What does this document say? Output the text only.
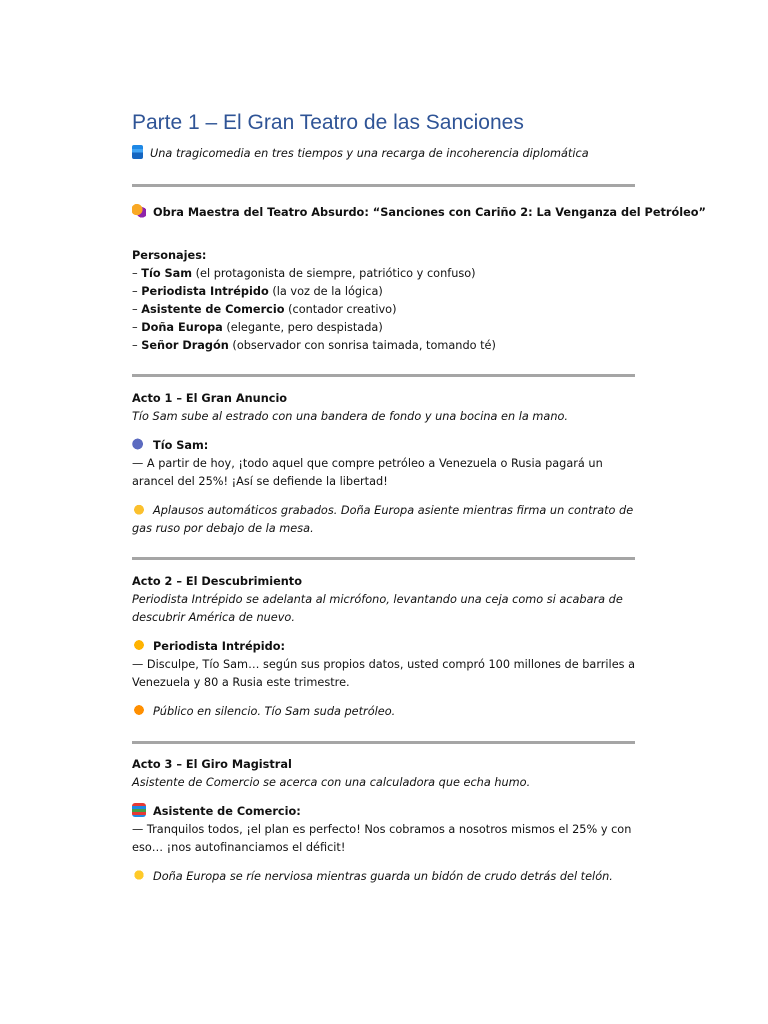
Parte 1 – El Gran Teatro de las Sanciones
Una tragicomedia en tres tiempos y una recarga de incoherencia diplomática
Obra Maestra del Teatro Absurdo: “Sanciones con Cariño 2: La Venganza del Petróleo”
Personajes:
– Tío Sam (el protagonista de siempre, patriótico y confuso)
– Periodista Intrépido (la voz de la lógica)
– Asistente de Comercio (contador creativo)
– Doña Europa (elegante, pero despistada)
– Señor Dragón (observador con sonrisa taimada, tomando té)
Acto 1 – El Gran Anuncio
Tío Sam sube al estrado con una bandera de fondo y una bocina en la mano.
Tío Sam:
— A partir de hoy, ¡todo aquel que compre petróleo a Venezuela o Rusia pagará un arancel del 25%! ¡Así se defiende la libertad!
Aplausos automáticos grabados. Doña Europa asiente mientras firma un contrato de gas ruso por debajo de la mesa.
Acto 2 – El Descubrimiento
Periodista Intrépido se adelanta al micrófono, levantando una ceja como si acabara de descubrir América de nuevo.
Periodista Intrépido:
— Disculpe, Tío Sam… según sus propios datos, usted compró 100 millones de barriles a Venezuela y 80 a Rusia este trimestre.
Público en silencio. Tío Sam suda petróleo.
Acto 3 – El Giro Magistral
Asistente de Comercio se acerca con una calculadora que echa humo.
Asistente de Comercio:
— Tranquilos todos, ¡el plan es perfecto! Nos cobramos a nosotros mismos el 25% y con eso… ¡nos autofinanciamos el déficit!
Doña Europa se ríe nerviosa mientras guarda un bidón de crudo detrás del telón.
